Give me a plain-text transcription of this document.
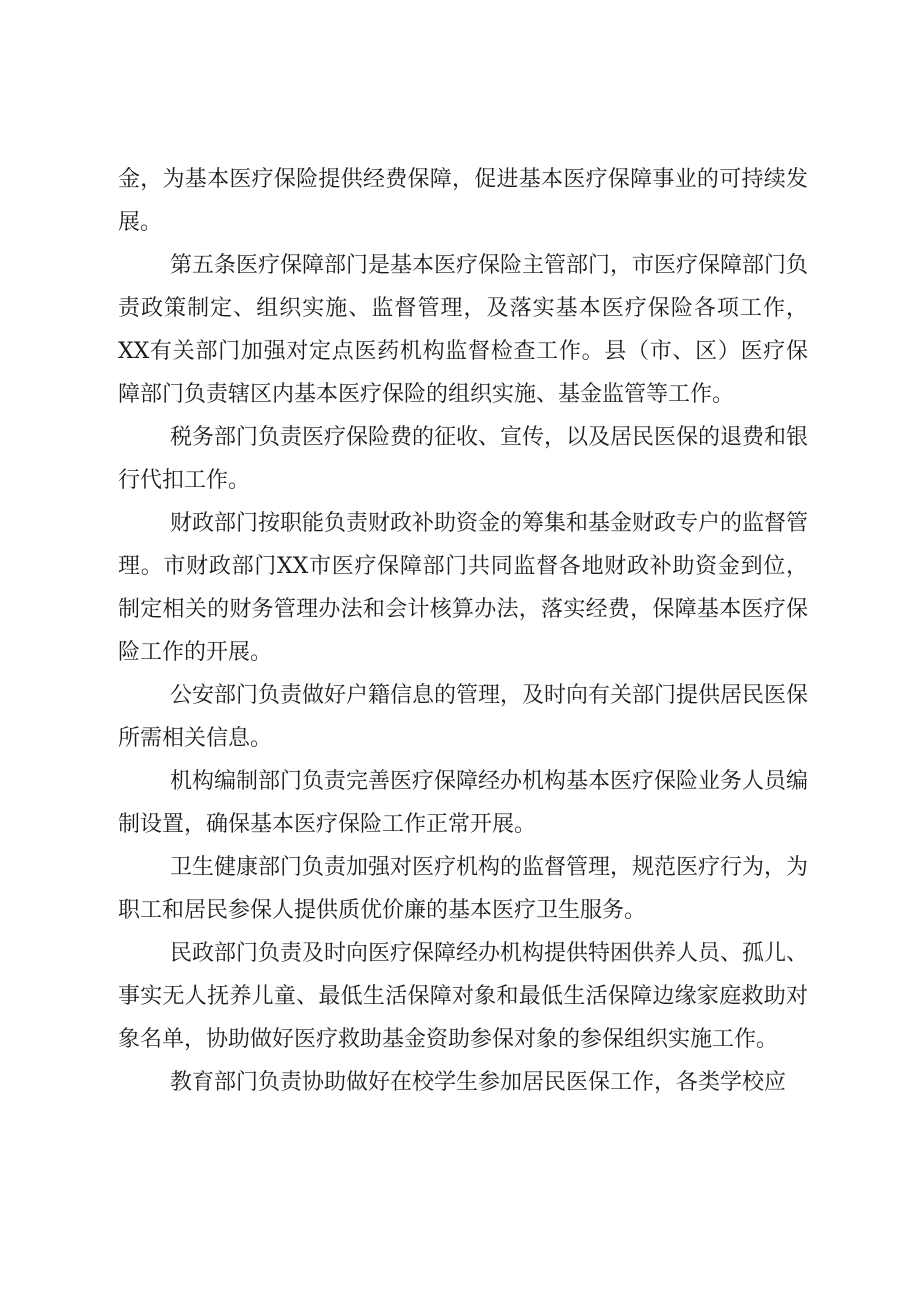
金，为基本医疗保险提供经费保障，促进基本医疗保障事业的可持续发展。

第五条医疗保障部门是基本医疗保险主管部门，市医疗保障部门负责政策制定、组织实施、监督管理，及落实基本医疗保险各项工作，XX有关部门加强对定点医药机构监督检查工作。县（市、区）医疗保障部门负责辖区内基本医疗保险的组织实施、基金监管等工作。

税务部门负责医疗保险费的征收、宣传，以及居民医保的退费和银行代扣工作。

财政部门按职能负责财政补助资金的筹集和基金财政专户的监督管理。市财政部门XX市医疗保障部门共同监督各地财政补助资金到位，制定相关的财务管理办法和会计核算办法，落实经费，保障基本医疗保险工作的开展。

公安部门负责做好户籍信息的管理，及时向有关部门提供居民医保所需相关信息。

机构编制部门负责完善医疗保障经办机构基本医疗保险业务人员编制设置，确保基本医疗保险工作正常开展。

卫生健康部门负责加强对医疗机构的监督管理，规范医疗行为，为职工和居民参保人提供质优价廉的基本医疗卫生服务。

民政部门负责及时向医疗保障经办机构提供特困供养人员、孤儿、事实无人抚养儿童、最低生活保障对象和最低生活保障边缘家庭救助对象名单，协助做好医疗救助基金资助参保对象的参保组织实施工作。

教育部门负责协助做好在校学生参加居民医保工作，各类学校应
